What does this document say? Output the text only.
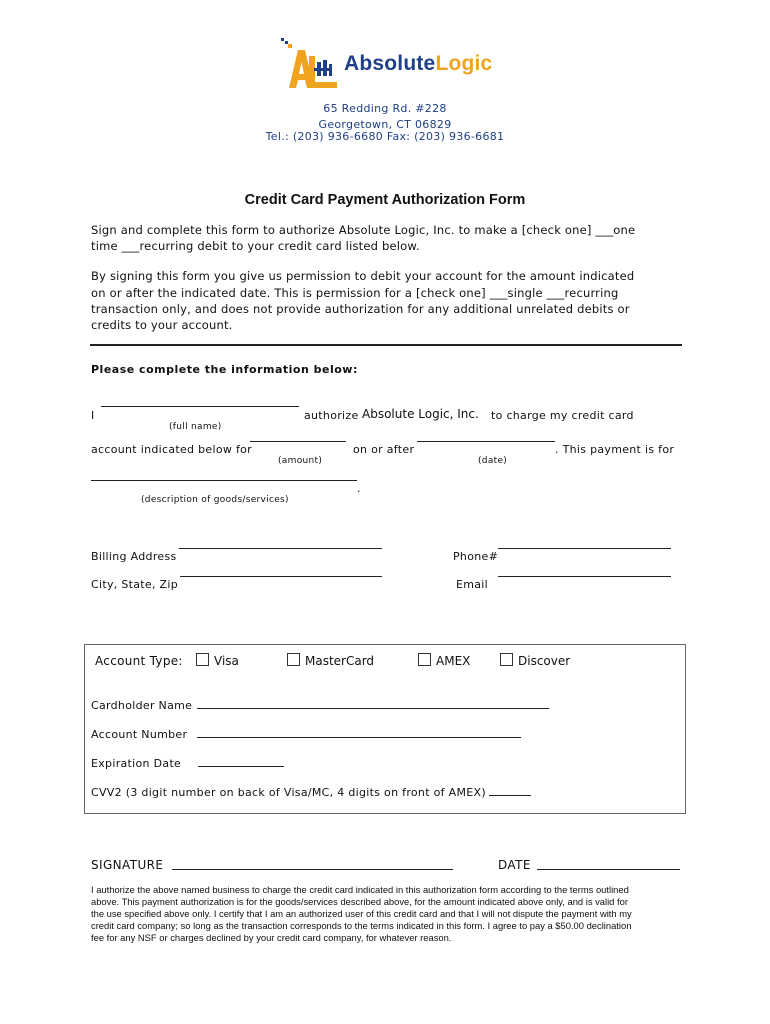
AbsoluteLogic
65 Redding Rd. #228
Georgetown, CT 06829
Tel.: (203) 936-6680 Fax: (203) 936-6681
Credit Card Payment Authorization Form
Sign and complete this form to authorize Absolute Logic, Inc. to make a [check one] ___one
time ___recurring debit to your credit card listed below.
By signing this form you give us permission to debit your account for the amount indicated
on or after the indicated date. This is permission for a [check one] ___single ___recurring
transaction only, and does not provide authorization for any additional unrelated debits or
credits to your account.
Please complete the information below:
I	authorize Absolute Logic, Inc. to charge my credit card
(full name)
account indicated below for	on or after	. This payment is for
(amount)	(date)
.
(description of goods/services)
Billing Address	Phone#
City, State, Zip	Email
Account Type:	Visa	MasterCard	AMEX	Discover
Cardholder Name
Account Number
Expiration Date
CVV2 (3 digit number on back of Visa/MC, 4 digits on front of AMEX)
SIGNATURE	DATE
I authorize the above named business to charge the credit card indicated in this authorization form according to the terms outlined
above. This payment authorization is for the goods/services described above, for the amount indicated above only, and is valid for
the use specified above only. I certify that I am an authorized user of this credit card and that I will not dispute the payment with my
credit card company; so long as the transaction corresponds to the terms indicated in this form. I agree to pay a $50.00 declination
fee for any NSF or charges declined by your credit card company, for whatever reason.
